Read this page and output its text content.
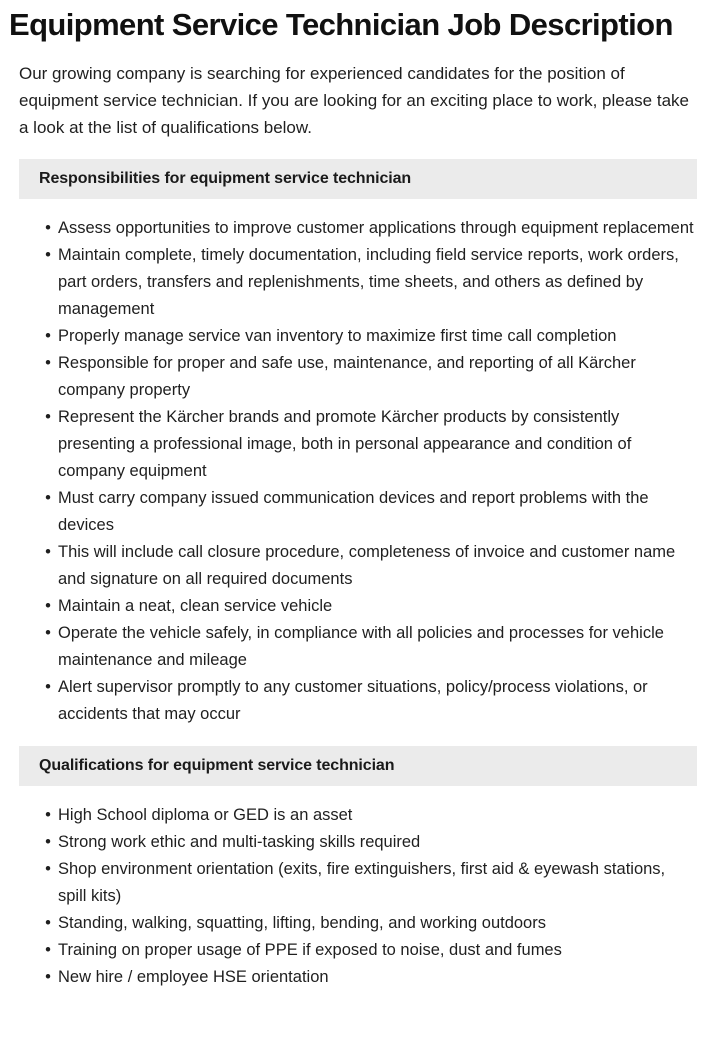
Equipment Service Technician Job Description

Our growing company is searching for experienced candidates for the position of equipment service technician. If you are looking for an exciting place to work, please take a look at the list of qualifications below.

Responsibilities for equipment service technician
• Assess opportunities to improve customer applications through equipment replacement
• Maintain complete, timely documentation, including field service reports, work orders, part orders, transfers and replenishments, time sheets, and others as defined by management
• Properly manage service van inventory to maximize first time call completion
• Responsible for proper and safe use, maintenance, and reporting of all Kärcher company property
• Represent the Kärcher brands and promote Kärcher products by consistently presenting a professional image, both in personal appearance and condition of company equipment
• Must carry company issued communication devices and report problems with the devices
• This will include call closure procedure, completeness of invoice and customer name and signature on all required documents
• Maintain a neat, clean service vehicle
• Operate the vehicle safely, in compliance with all policies and processes for vehicle maintenance and mileage
• Alert supervisor promptly to any customer situations, policy/process violations, or accidents that may occur
Qualifications for equipment service technician
• High School diploma or GED is an asset
• Strong work ethic and multi-tasking skills required
• Shop environment orientation (exits, fire extinguishers, first aid & eyewash stations, spill kits)
• Standing, walking, squatting, lifting, bending, and working outdoors
• Training on proper usage of PPE if exposed to noise, dust and fumes
• New hire / employee HSE orientation
